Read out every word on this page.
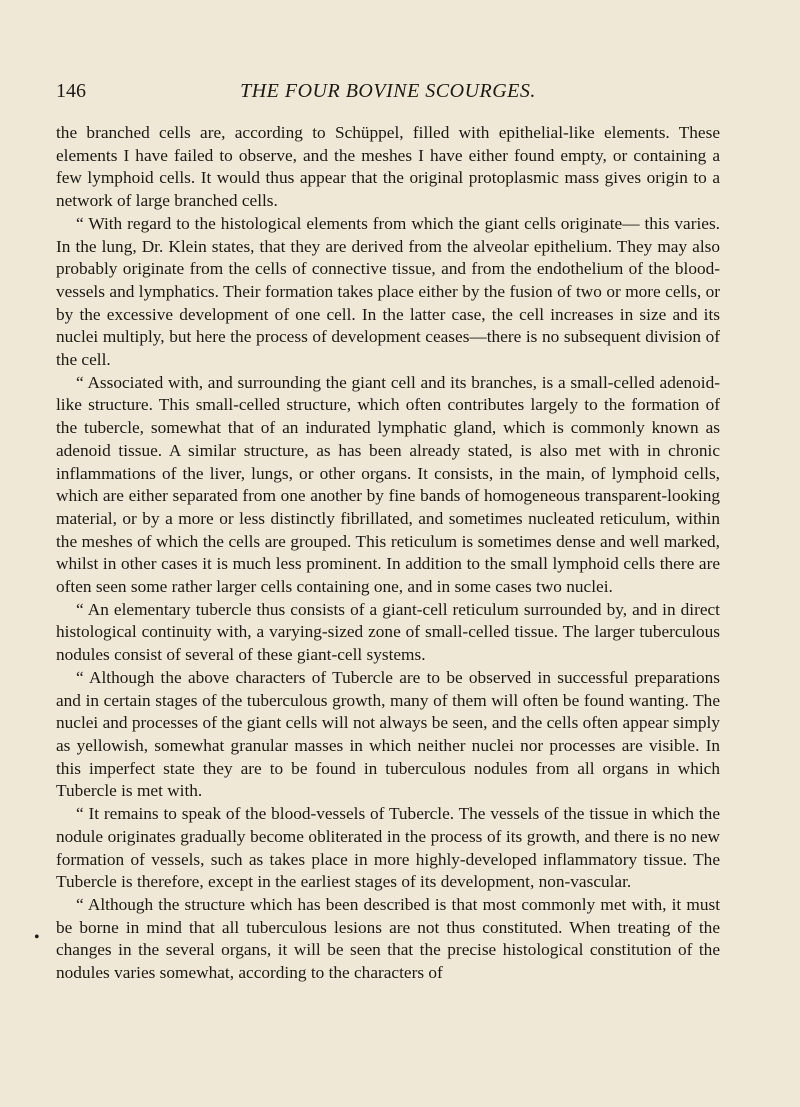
146	THE FOUR BOVINE SCOURGES.

the branched cells are, according to Schüppel, filled with epithelial-like elements. These elements I have failed to observe, and the meshes I have either found empty, or containing a few lymphoid cells. It would thus appear that the original protoplasmic mass gives origin to a network of large branched cells.

“ With regard to the histological elements from which the giant cells originate— this varies. In the lung, Dr. Klein states, that they are derived from the alveolar epithelium. They may also probably originate from the cells of connective tissue, and from the endothelium of the blood-vessels and lymphatics. Their formation takes place either by the fusion of two or more cells, or by the excessive development of one cell. In the latter case, the cell increases in size and its nuclei multiply, but here the process of development ceases—there is no subsequent division of the cell.

“ Associated with, and surrounding the giant cell and its branches, is a small-celled adenoid-like structure. This small-celled structure, which often contributes largely to the formation of the tubercle, somewhat that of an indurated lymphatic gland, which is commonly known as adenoid tissue. A similar structure, as has been already stated, is also met with in chronic inflammations of the liver, lungs, or other organs. It consists, in the main, of lymphoid cells, which are either separated from one another by fine bands of homogeneous transparent-looking material, or by a more or less distinctly fibrillated, and sometimes nucleated reticulum, within the meshes of which the cells are grouped. This reticulum is sometimes dense and well marked, whilst in other cases it is much less prominent. In addition to the small lymphoid cells there are often seen some rather larger cells containing one, and in some cases two nuclei.

“ An elementary tubercle thus consists of a giant-cell reticulum surrounded by, and in direct histological continuity with, a varying-sized zone of small-celled tissue. The larger tuberculous nodules consist of several of these giant-cell systems.

“ Although the above characters of Tubercle are to be observed in successful preparations and in certain stages of the tuberculous growth, many of them will often be found wanting. The nuclei and processes of the giant cells will not always be seen, and the cells often appear simply as yellowish, somewhat granular masses in which neither nuclei nor processes are visible. In this imperfect state they are to be found in tuberculous nodules from all organs in which Tubercle is met with.

“ It remains to speak of the blood-vessels of Tubercle. The vessels of the tissue in which the nodule originates gradually become obliterated in the process of its growth, and there is no new formation of vessels, such as takes place in more highly-developed inflammatory tissue. The Tubercle is therefore, except in the earliest stages of its development, non-vascular.

“ Although the structure which has been described is that most commonly met with, it must be borne in mind that all tuberculous lesions are not thus constituted. When treating of the changes in the several organs, it will be seen that the precise histological constitution of the nodules varies somewhat, according to the characters of

•
